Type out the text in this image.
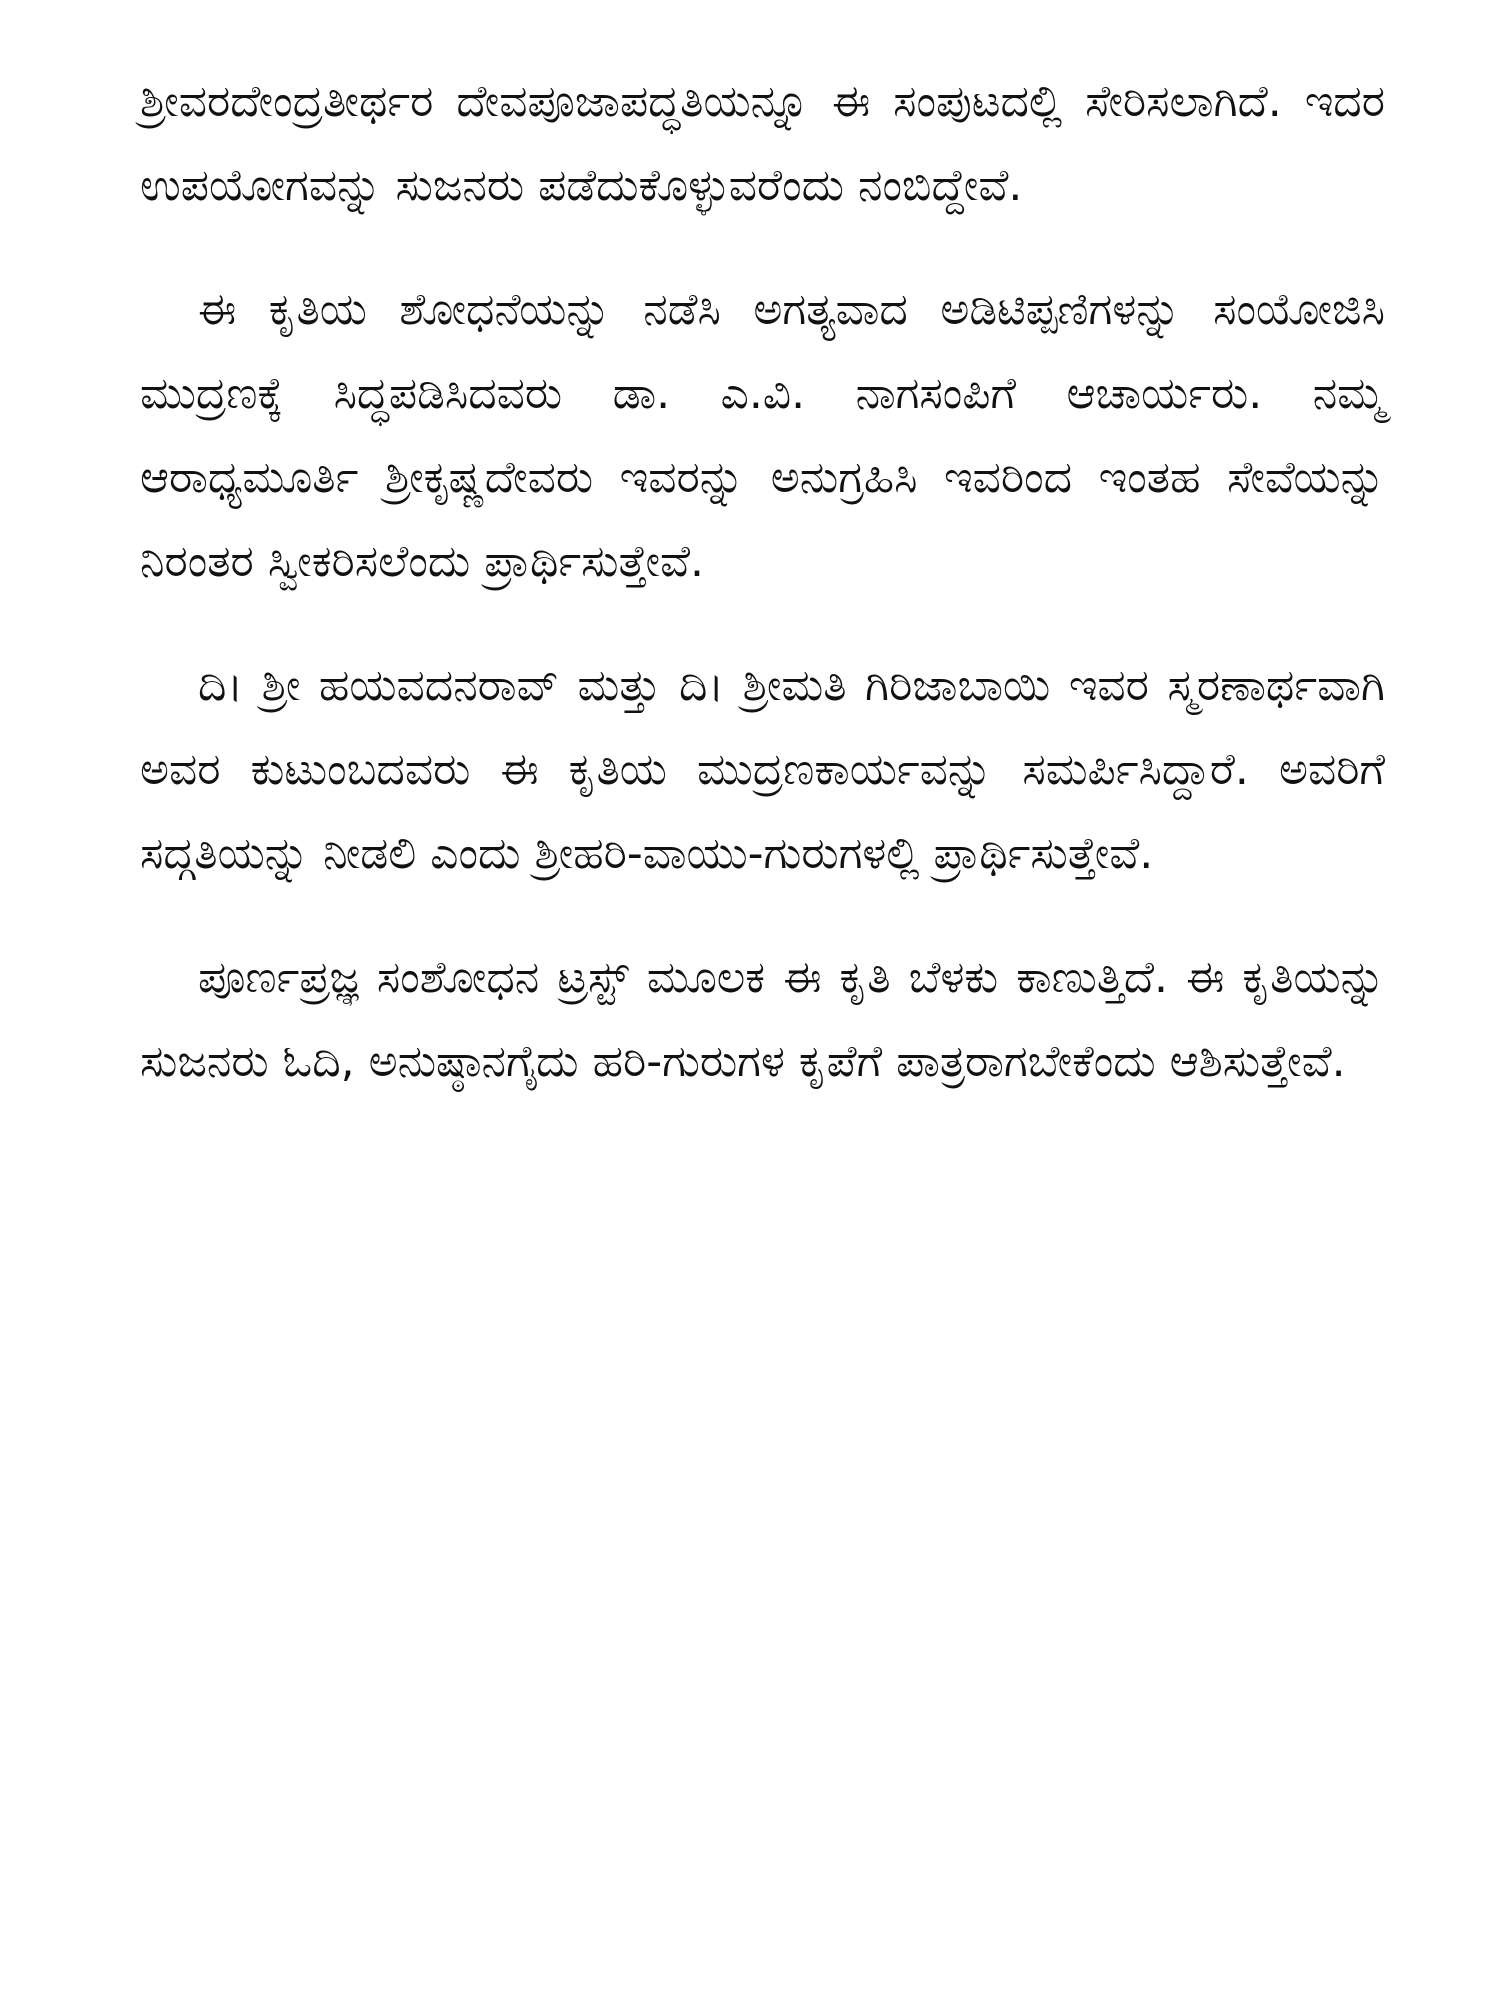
ಶ್ರೀವರದೇಂದ್ರತೀರ್ಥರ ದೇವಪೂಜಾಪದ್ಧತಿಯನ್ನೂ ಈ ಸಂಪುಟದಲ್ಲಿ ಸೇರಿಸಲಾಗಿದೆ. ಇದರ ಉಪಯೋಗವನ್ನು ಸುಜನರು ಪಡೆದುಕೊಳ್ಳುವರೆಂದು ನಂಬಿದ್ದೇವೆ.

ಈ ಕೃತಿಯ ಶೋಧನೆಯನ್ನು ನಡೆಸಿ ಅಗತ್ಯವಾದ ಅಡಿಟಿಪ್ಪಣಿಗಳನ್ನು ಸಂಯೋಜಿಸಿ ಮುದ್ರಣಕ್ಕೆ ಸಿದ್ಧಪಡಿಸಿದವರು ಡಾ. ಎ.ವಿ. ನಾಗಸಂಪಿಗೆ ಆಚಾರ್ಯರು. ನಮ್ಮ ಆರಾಧ್ಯಮೂರ್ತಿ ಶ್ರೀಕೃಷ್ಣದೇವರು ಇವರನ್ನು ಅನುಗ್ರಹಿಸಿ ಇವರಿಂದ ಇಂತಹ ಸೇವೆಯನ್ನು ನಿರಂತರ ಸ್ವೀಕರಿಸಲೆಂದು ಪ್ರಾರ್ಥಿಸುತ್ತೇವೆ.

ದಿ। ಶ್ರೀ ಹಯವದನರಾವ್ ಮತ್ತು ದಿ। ಶ್ರೀಮತಿ ಗಿರಿಜಾಬಾಯಿ ಇವರ ಸ್ಮರಣಾರ್ಥವಾಗಿ ಅವರ ಕುಟುಂಬದವರು ಈ ಕೃತಿಯ ಮುದ್ರಣಕಾರ್ಯವನ್ನು ಸಮರ್ಪಿಸಿದ್ದಾರೆ. ಅವರಿಗೆ ಸದ್ಗತಿಯನ್ನು ನೀಡಲಿ ಎಂದು ಶ್ರೀಹರಿ-ವಾಯು-ಗುರುಗಳಲ್ಲಿ ಪ್ರಾರ್ಥಿಸುತ್ತೇವೆ.

ಪೂರ್ಣಪ್ರಜ್ಞ ಸಂಶೋಧನ ಟ್ರಸ್ಟ್ ಮೂಲಕ ಈ ಕೃತಿ ಬೆಳಕು ಕಾಣುತ್ತಿದೆ. ಈ ಕೃತಿಯನ್ನು ಸುಜನರು ಓದಿ, ಅನುಷ್ಠಾನಗೈದು ಹರಿ-ಗುರುಗಳ ಕೃಪೆಗೆ ಪಾತ್ರರಾಗಬೇಕೆಂದು ಆಶಿಸುತ್ತೇವೆ.
